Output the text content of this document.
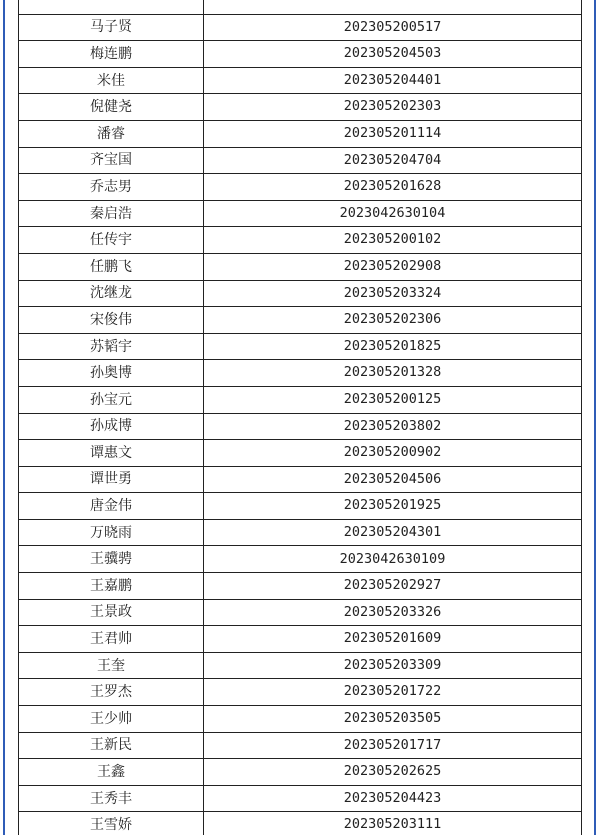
马子贤	202305200517
梅连鹏	202305204503
米佳	202305204401
倪健尧	202305202303
潘睿	202305201114
齐宝国	202305204704
乔志男	202305201628
秦启浩	2023042630104
任传宇	202305200102
任鹏飞	202305202908
沈继龙	202305203324
宋俊伟	202305202306
苏韬宇	202305201825
孙奥博	202305201328
孙宝元	202305200125
孙成博	202305203802
谭惠文	202305200902
谭世勇	202305204506
唐金伟	202305201925
万晓雨	202305204301
王骥骋	2023042630109
王嘉鹏	202305202927
王景政	202305203326
王君帅	202305201609
王奎	202305203309
王罗杰	202305201722
王少帅	202305203505
王新民	202305201717
王鑫	202305202625
王秀丰	202305204423
王雪娇	202305203111
